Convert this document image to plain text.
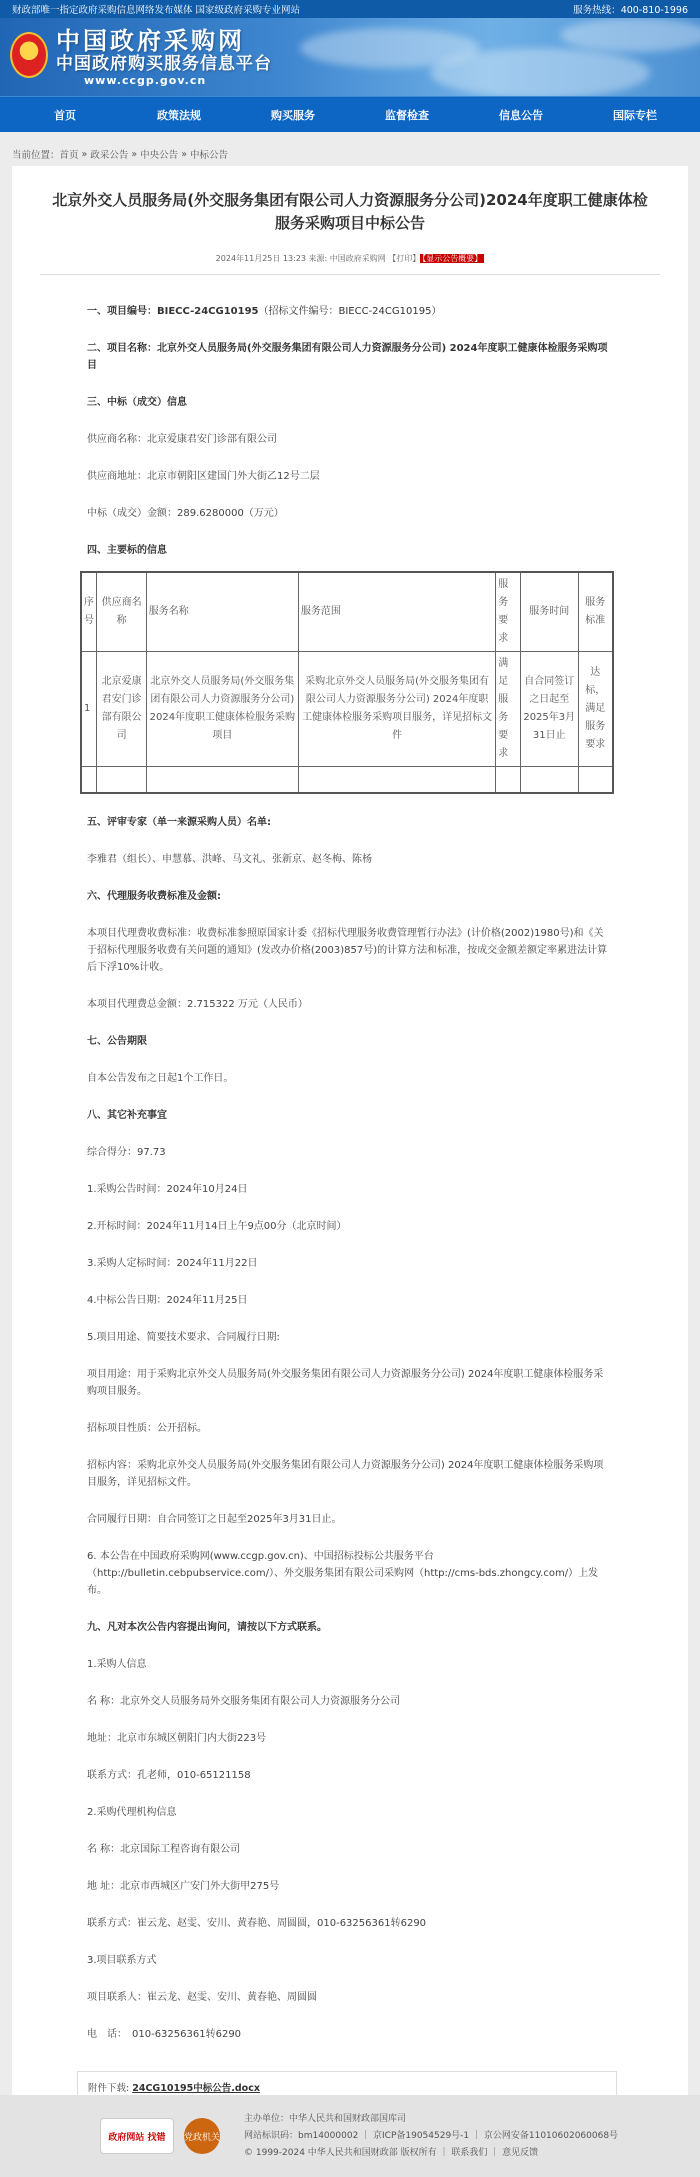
财政部唯一指定政府采购信息网络发布媒体 国家级政府采购专业网站	服务热线：400-810-1996
★
中国政府采购网
中国政府购买服务信息平台
www.ccgp.gov.cn
首页	政策法规	购买服务	监督检查	信息公告	国际专栏
当前位置： 首页 » 政采公告 » 中央公告 » 中标公告
北京外交人员服务局(外交服务集团有限公司人力资源服务分公司)2024年度职工健康体检服务采购项目中标公告
2024年11月25日 13:23 来源: 中国政府采购网 【打印】 【显示公告概要】
一、项目编号：BIECC-24CG10195（招标文件编号：BIECC-24CG10195）
二、项目名称：北京外交人员服务局(外交服务集团有限公司人力资源服务分公司) 2024年度职工健康体检服务采购项目
三、中标（成交）信息

供应商名称：北京爱康君安门诊部有限公司

供应商地址：北京市朝阳区建国门外大街乙12号二层

中标（成交）金额：289.6280000（万元）

四、主要标的信息
序号	供应商名称	服务名称	服务范围	服务要求	服务时间	服务标准
1	北京爱康君安门诊部有限公司	北京外交人员服务局(外交服务集团有限公司人力资源服务分公司) 2024年度职工健康体检服务采购项目	采购北京外交人员服务局(外交服务集团有限公司人力资源服务分公司) 2024年度职工健康体检服务采购项目服务，详见招标文件	满足服务要求	自合同签订之日起至2025年3月31日止	达标，满足服务要求

五、评审专家（单一来源采购人员）名单:

李雅君（组长）、申慧慕、洪峰、马文礼、张新京、赵冬梅、陈杨

六、代理服务收费标准及金额:

本项目代理费收费标准：收费标准参照原国家计委《招标代理服务收费管理暂行办法》(计价格(2002)1980号)和《关于招标代理服务收费有关问题的通知》(发改办价格(2003)857号)的计算方法和标准，按成交金额差额定率累进法计算后下浮10%计收。

本项目代理费总金额：2.715322 万元（人民币）

七、公告期限

自本公告发布之日起1个工作日。

八、其它补充事宜

综合得分：97.73

1.采购公告时间：2024年10月24日

2.开标时间：2024年11月14日上午9点00分（北京时间）

3.采购人定标时间：2024年11月22日

4.中标公告日期：2024年11月25日

5.项目用途、简要技术要求、合同履行日期:

项目用途：用于采购北京外交人员服务局(外交服务集团有限公司人力资源服务分公司) 2024年度职工健康体检服务采购项目服务。

招标项目性质：公开招标。

招标内容：采购北京外交人员服务局(外交服务集团有限公司人力资源服务分公司) 2024年度职工健康体检服务采购项目服务，详见招标文件。

合同履行日期：自合同签订之日起至2025年3月31日止。

6. 本公告在中国政府采购网(www.ccgp.gov.cn)、中国招标投标公共服务平台（http://bulletin.cebpubservice.com/）、外交服务集团有限公司采购网（http://cms-bds.zhongcy.com/）上发布。

九、凡对本次公告内容提出询问，请按以下方式联系。

1.采购人信息

名 称：北京外交人员服务局外交服务集团有限公司人力资源服务分公司

地址：北京市东城区朝阳门内大街223号

联系方式：孔老师，010-65121158

2.采购代理机构信息

名 称：北京国际工程咨询有限公司

地 址：北京市西城区广安门外大街甲275号

联系方式：崔云龙、赵雯、安川、黄春艳、周圆圆，010-63256361转6290

3.项目联系方式

项目联系人：崔云龙、赵雯、安川、黄春艳、周圆圆

电　话：　010-63256361转6290

附件下载: 24CG10195中标公告.docx
政府网站 找错	党政机关
主办单位：中华人民共和国财政部国库司
网站标识码：bm14000002 ｜ 京ICP备19054529号-1 ｜ 京公网安备11010602060068号
© 1999-2024 中华人民共和国财政部 版权所有 ｜ 联系我们 ｜ 意见反馈
